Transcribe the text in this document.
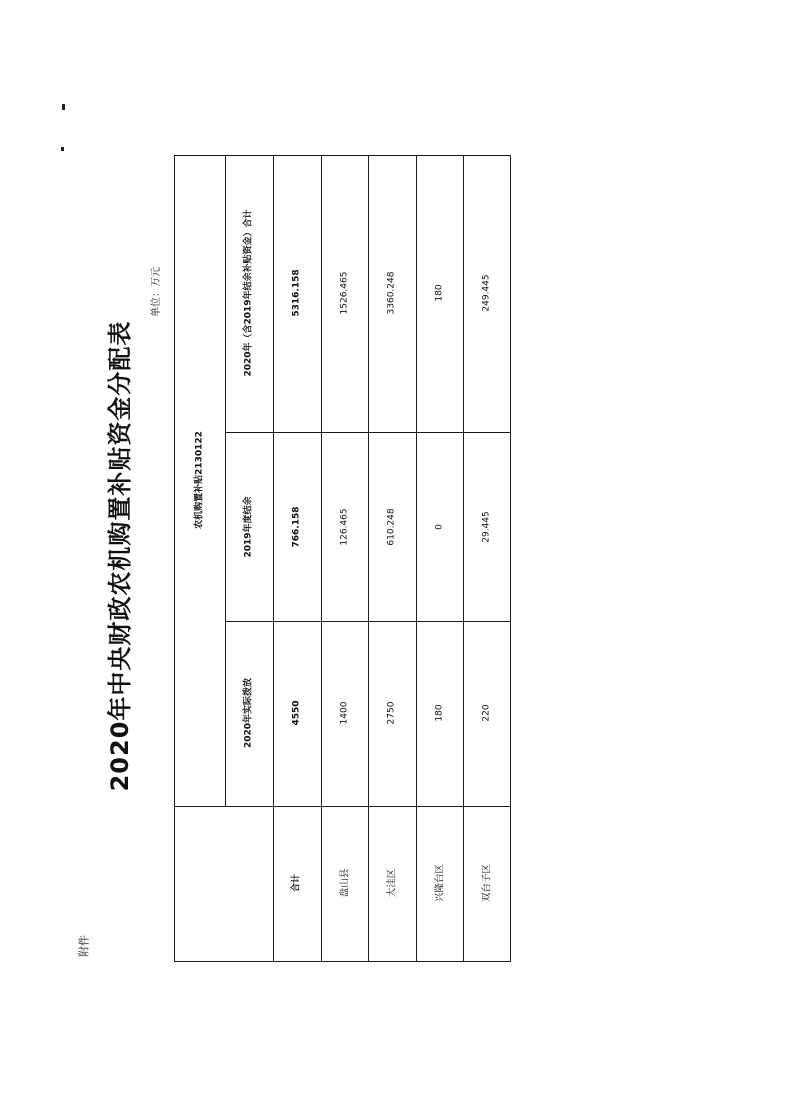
附件
2020年中央财政农机购置补贴资金分配表
单位：万元
农机购置补贴2130122
2020年实际拨放
2019年度结余
2020年（含2019年结余补贴资金）合计
合计
4550
766.158
5316.158
盘山县
1400
126.465
1526.465
大洼区
2750
610.248
3360.248
兴隆台区
180
0
180
双台子区
220
29.445
249.445
